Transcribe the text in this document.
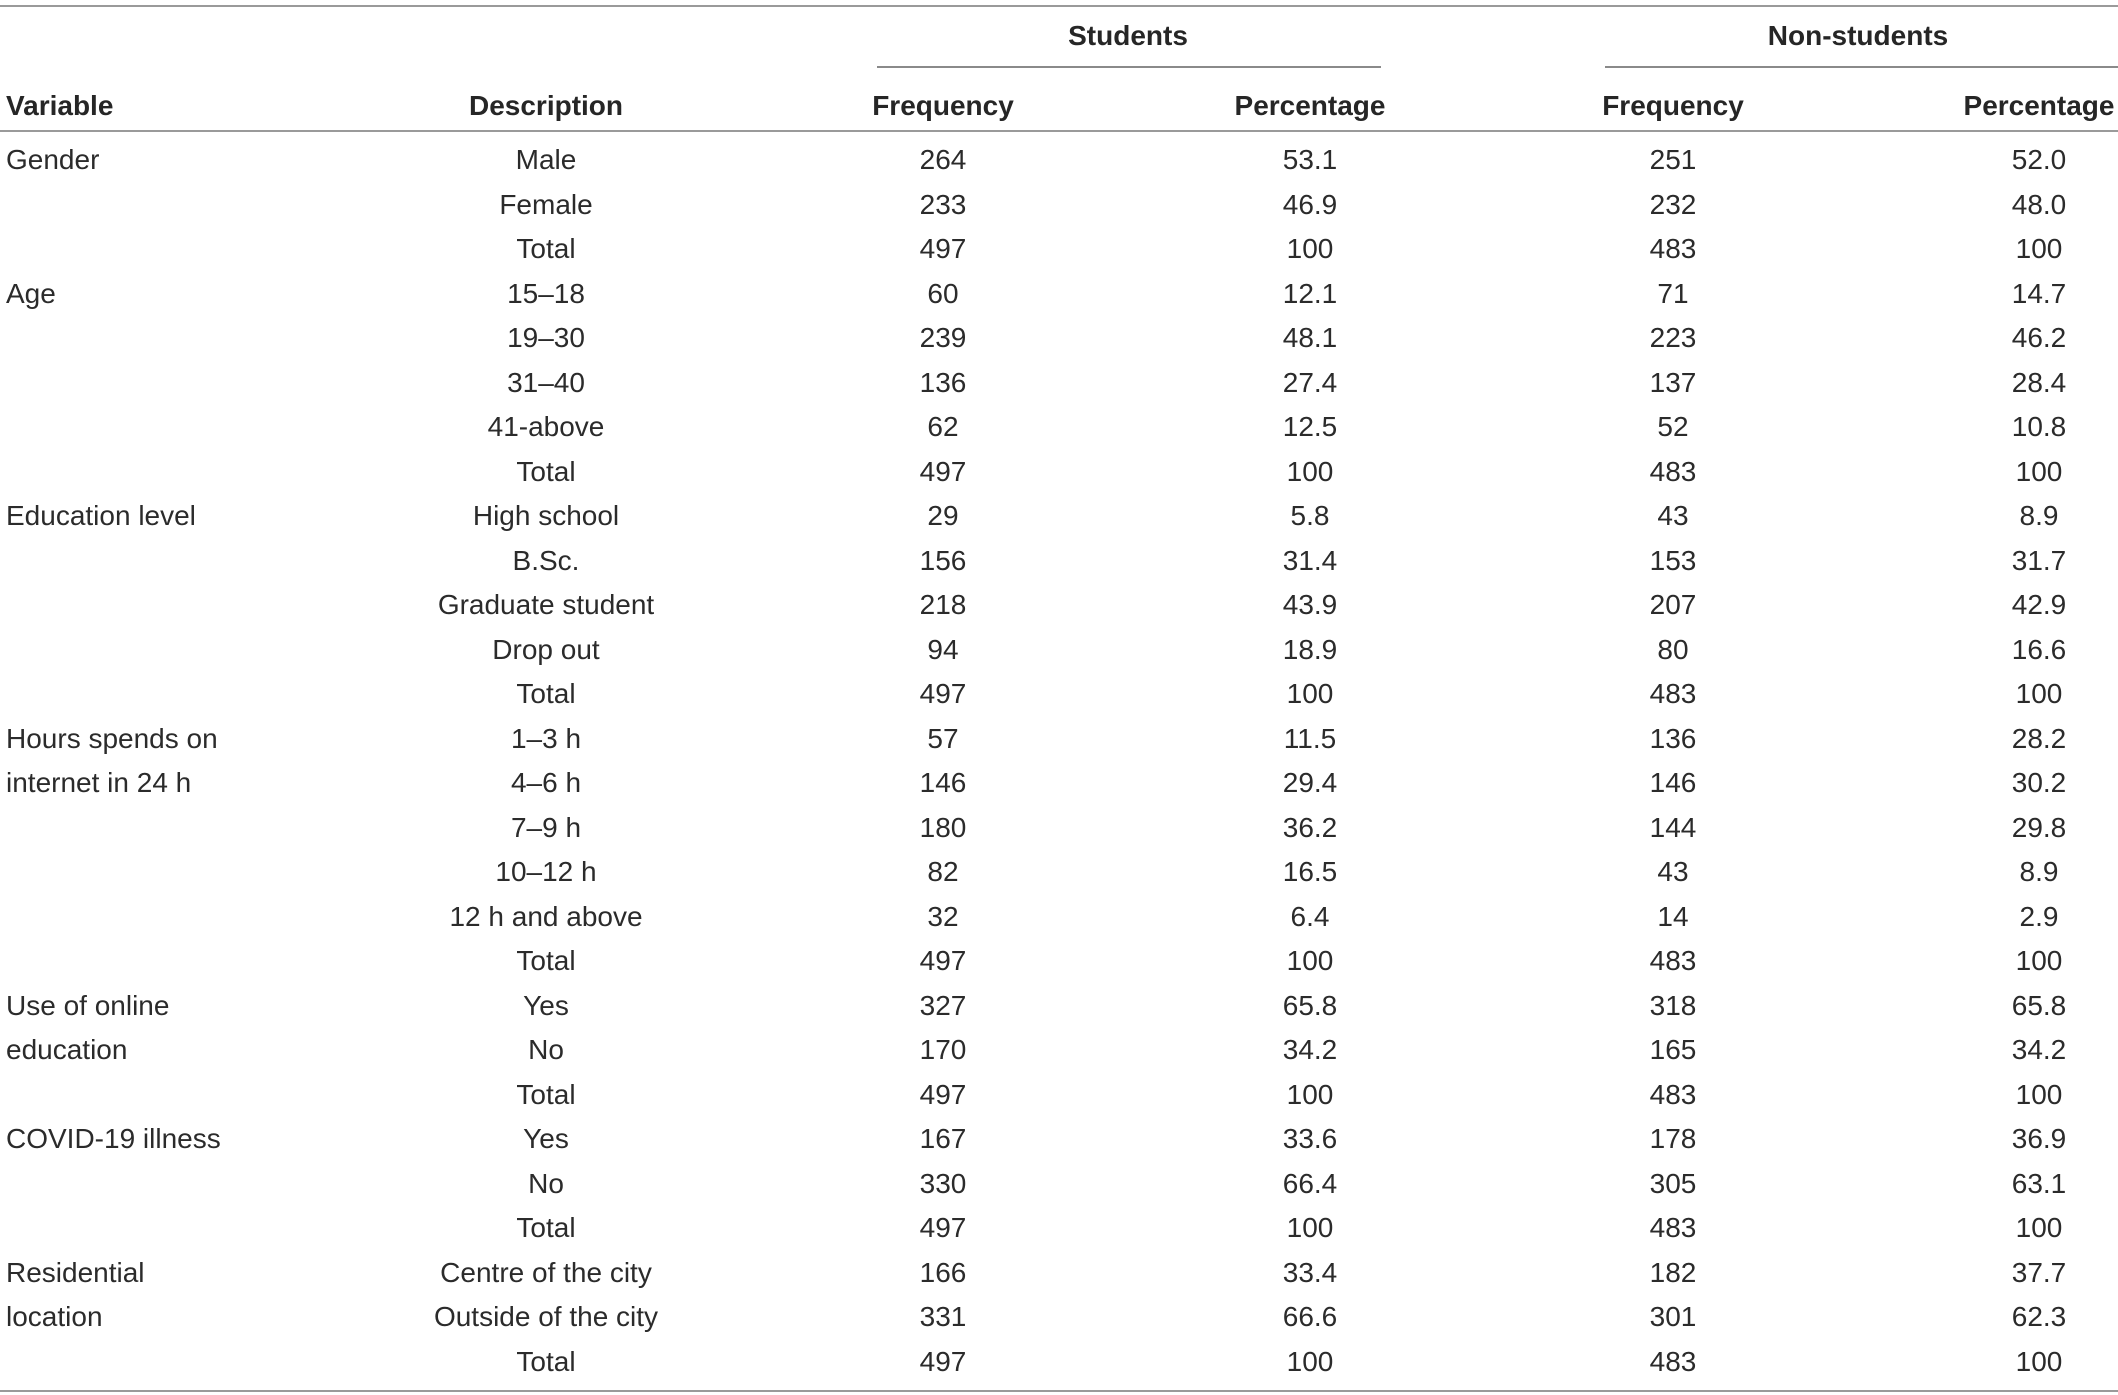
Students	Non-students
Variable	Description	Frequency	Percentage	Frequency	Percentage
Gender	Male	264	53.1	251	52.0
Female	233	46.9	232	48.0
Total	497	100	483	100
Age	15–18	60	12.1	71	14.7
19–30	239	48.1	223	46.2
31–40	136	27.4	137	28.4
41-above	62	12.5	52	10.8
Total	497	100	483	100
Education level	High school	29	5.8	43	8.9
B.Sc.	156	31.4	153	31.7
Graduate student	218	43.9	207	42.9
Drop out	94	18.9	80	16.6
Total	497	100	483	100
Hours spends on	1–3 h	57	11.5	136	28.2
internet in 24 h	4–6 h	146	29.4	146	30.2
7–9 h	180	36.2	144	29.8
10–12 h	82	16.5	43	8.9
12 h and above	32	6.4	14	2.9
Total	497	100	483	100
Use of online	Yes	327	65.8	318	65.8
education	No	170	34.2	165	34.2
Total	497	100	483	100
COVID-19 illness	Yes	167	33.6	178	36.9
No	330	66.4	305	63.1
Total	497	100	483	100
Residential	Centre of the city	166	33.4	182	37.7
location	Outside of the city	331	66.6	301	62.3
Total	497	100	483	100
